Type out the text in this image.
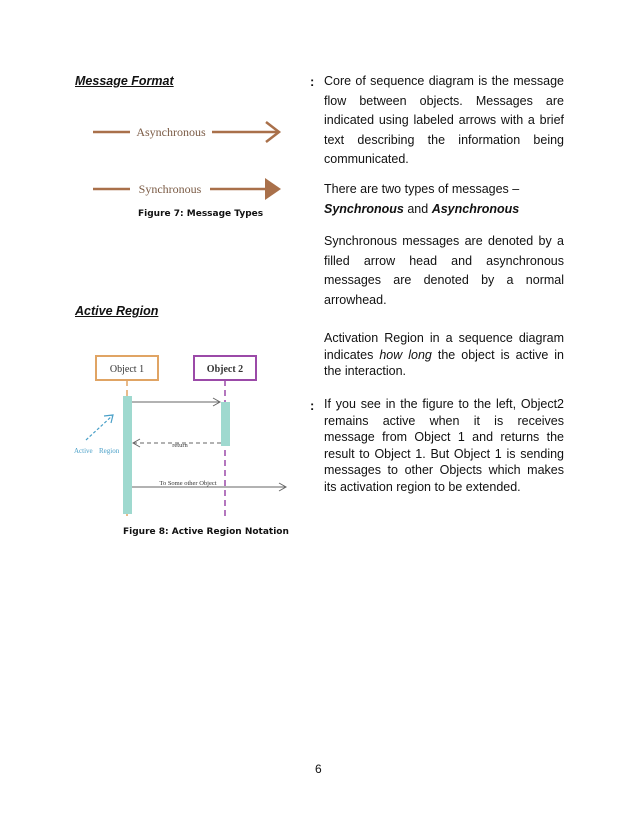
Message Format	: Core of sequence diagram is the message flow between objects. Messages are indicated using labeled arrows with a brief text describing the information being communicated.
There are two types of messages –
Synchronous and Asynchronous
Synchronous messages are denoted by a filled arrow head and asynchronous messages are denoted by a normal arrowhead.
Asynchronous
Synchronous
Figure 7: Message Types
Active Region
Activation Region in a sequence diagram indicates how long the object is active in the interaction.
: If you see in the figure to the left, Object2 remains active when it is receives message from Object 1 and returns the result to Object 1. But Object 1 is sending messages to other Objects which makes its activation region to be extended.
Object 1	Object 2
return
To Some other Object
Active Region
Figure 8: Active Region Notation
6
